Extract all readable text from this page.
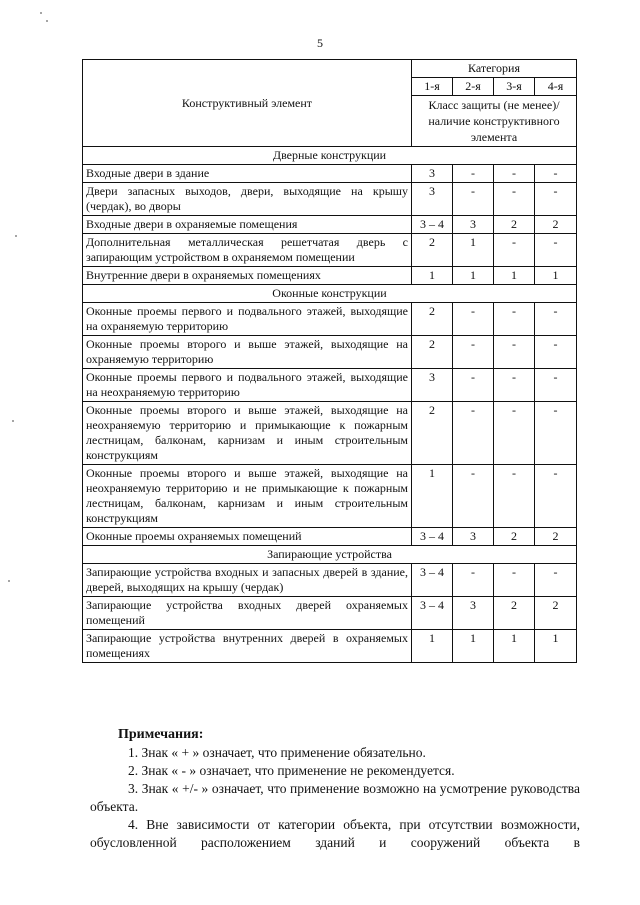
5
Конструктивный элемент	Категория			
	1-я	2-я	3-я	4-я
	Класс защиты (не менее)/наличие конструктивного элемента			
Дверные конструкции				
Входные двери в здание	3	-	-	-
Двери запасных выходов, двери, выходящие на крышу (чердак), во дворы	3	-	-	-
Входные двери в охраняемые помещения	3 – 4	3	2	2
Дополнительная металлическая решетчатая дверь с запирающим устройством в охраняемом помещении	2	1	-	-
Внутренние двери в охраняемых помещениях	1	1	1	1
Оконные конструкции				
Оконные проемы первого и подвального этажей, выходящие на охраняемую территорию	2	-	-	-
Оконные проемы второго и выше этажей, выходящие на охраняемую территорию	2	-	-	-
Оконные проемы первого и подвального этажей, выходящие на неохраняемую территорию	3	-	-	-
Оконные проемы второго и выше этажей, выходящие на неохраняемую территорию и примыкающие к пожарным лестницам, балконам, карнизам и иным строительным конструкциям	2	-	-	-
Оконные проемы второго и выше этажей, выходящие на неохраняемую территорию и не примыкающие к пожарным лестницам, балконам, карнизам и иным строительным конструкциям	1	-	-	-
Оконные проемы охраняемых помещений	3 – 4	3	2	2
Запирающие устройства				
Запирающие устройства входных и запасных дверей в здание, дверей, выходящих на крышу (чердак)	3 – 4	-	-	-
Запирающие устройства входных дверей охраняемых помещений	3 – 4	3	2	2
Запирающие устройства внутренних дверей в охраняемых помещениях	1	1	1	1
Примечания:

1. Знак « + » означает, что применение обязательно.

2. Знак « - » означает, что применение не рекомендуется.

3. Знак « +/- » означает, что применение возможно на усмотрение руководства объекта.

4. Вне зависимости от категории объекта, при отсутствии возможности, обусловленной расположением зданий и сооружений объекта в
